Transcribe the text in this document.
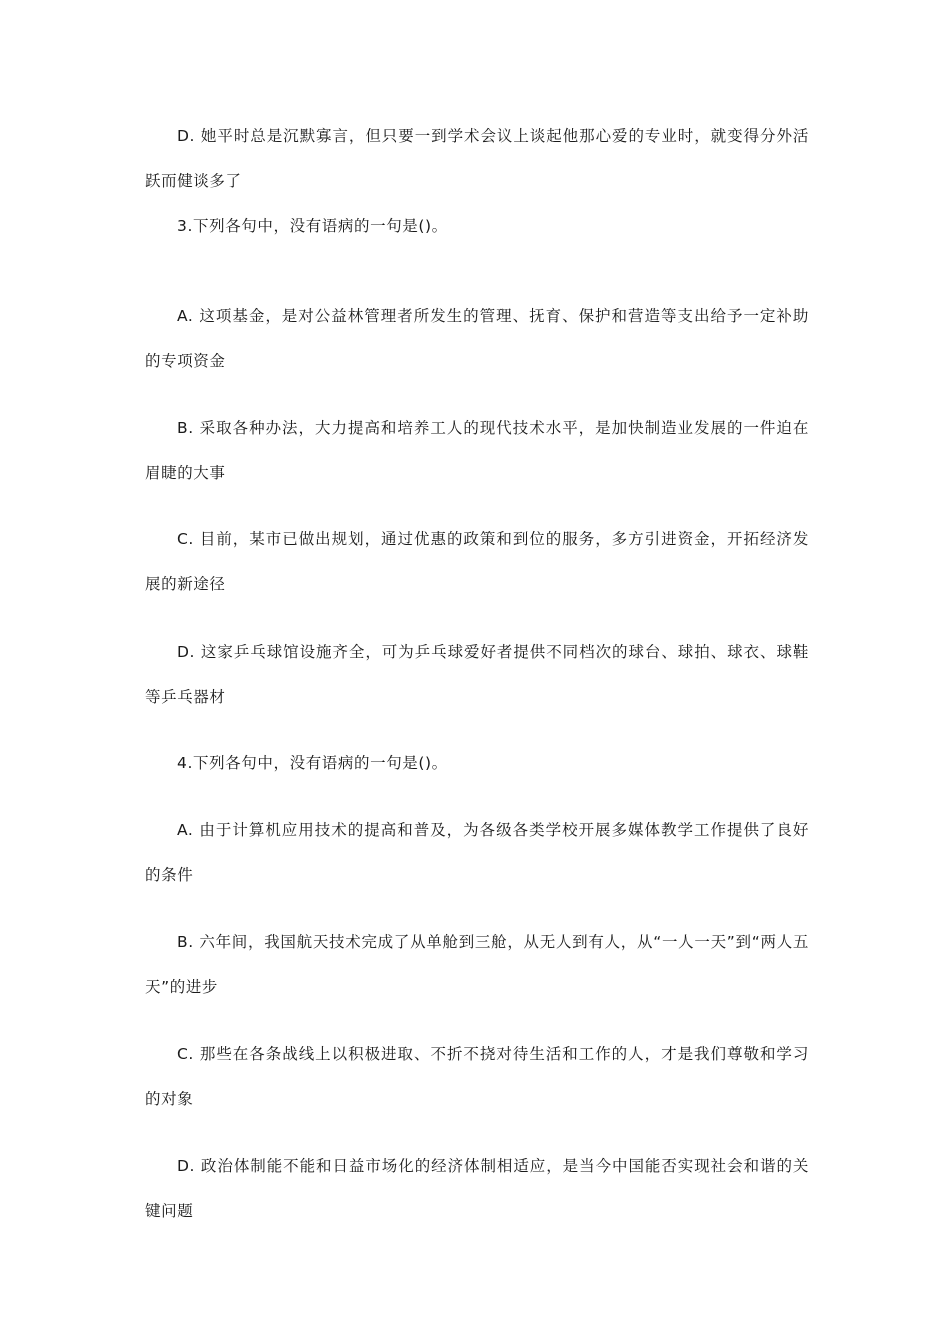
D. 她平时总是沉默寡言，但只要一到学术会议上谈起他那心爱的专业时，就变得分外活跃而健谈多了

3.下列各句中，没有语病的一句是()。

A. 这项基金，是对公益林管理者所发生的管理、抚育、保护和营造等支出给予一定补助的专项资金

B. 采取各种办法，大力提高和培养工人的现代技术水平，是加快制造业发展的一件迫在眉睫的大事

C. 目前，某市已做出规划，通过优惠的政策和到位的服务，多方引进资金，开拓经济发展的新途径

D. 这家乒乓球馆设施齐全，可为乒乓球爱好者提供不同档次的球台、球拍、球衣、球鞋等乒乓器材

4.下列各句中，没有语病的一句是()。

A. 由于计算机应用技术的提高和普及，为各级各类学校开展多媒体教学工作提供了良好的条件

B. 六年间，我国航天技术完成了从单舱到三舱，从无人到有人，从“一人一天”到“两人五天”的进步

C. 那些在各条战线上以积极进取、不折不挠对待生活和工作的人，才是我们尊敬和学习的对象

D. 政治体制能不能和日益市场化的经济体制相适应，是当今中国能否实现社会和谐的关键问题
